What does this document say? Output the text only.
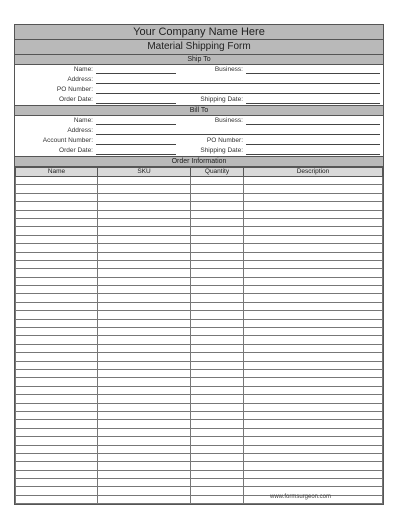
Your Company Name Here
Material Shipping Form
Ship To
Name:	Business:
Address:
PO Number:
Order Date:	Shipping Date:
Bill To
Name:	Business:
Address:
Account Number:	PO Number:
Order Date:	Shipping Date:
Order Information
Name	SKU	Quantity	Description

www.formsurgeon.com
